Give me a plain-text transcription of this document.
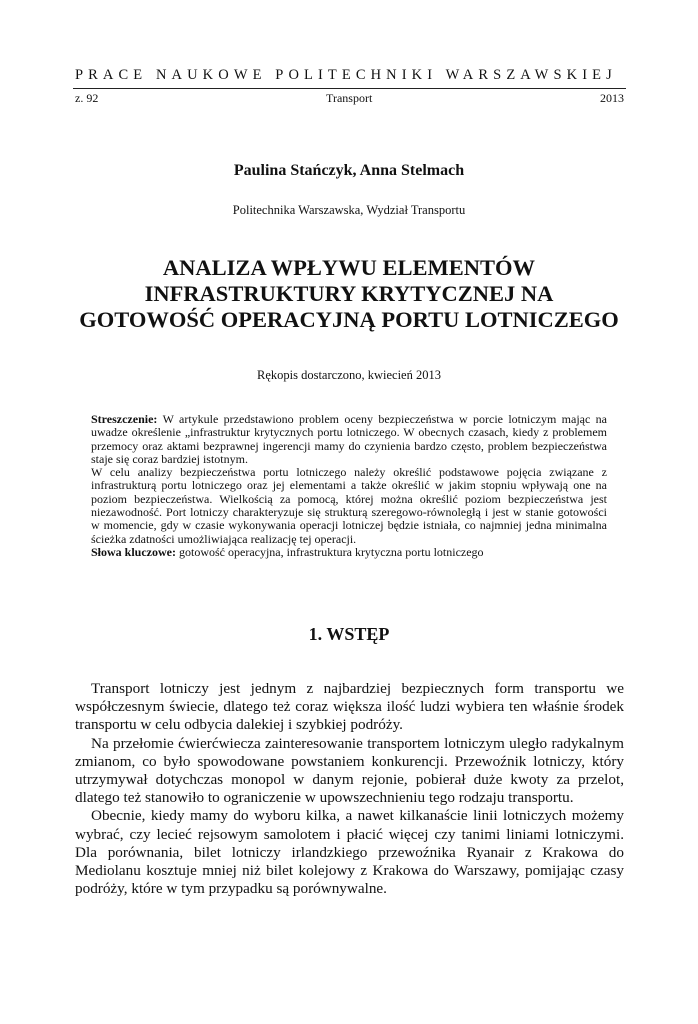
PRACE NAUKOWE POLITECHNIKI WARSZAWSKIEJ
z. 92	Transport	2013
Paulina Stańczyk, Anna Stelmach
Politechnika Warszawska, Wydział Transportu
ANALIZA WPŁYWU ELEMENTÓW
INFRASTRUKTURY KRYTYCZNEJ NA
GOTOWOŚĆ OPERACYJNĄ PORTU LOTNICZEGO
Rękopis dostarczono, kwiecień 2013

Streszczenie: W artykule przedstawiono problem oceny bezpieczeństwa w porcie lotniczym mając na uwadze określenie „infrastruktur krytycznych portu lotniczego. W obecnych czasach, kiedy z problemem przemocy oraz aktami bezprawnej ingerencji mamy do czynienia bardzo często, problem bezpieczeństwa staje się coraz bardziej istotnym.

W celu analizy bezpieczeństwa portu lotniczego należy określić podstawowe pojęcia związane z infrastrukturą portu lotniczego oraz jej elementami a także określić w jakim stopniu wpływają one na poziom bezpieczeństwa. Wielkością za pomocą, której można określić poziom bezpieczeństwa jest niezawodność. Port lotniczy charakteryzuje się strukturą szeregowo-równoległą i jest w stanie gotowości w momencie, gdy w czasie wykonywania operacji lotniczej będzie istniała, co najmniej jedna minimalna ścieżka zdatności umożliwiająca realizację tej operacji.

Słowa kluczowe: gotowość operacyjna, infrastruktura krytyczna portu lotniczego

1. WSTĘP

Transport lotniczy jest jednym z najbardziej bezpiecznych form transportu we współczesnym świecie, dlatego też coraz większa ilość ludzi wybiera ten właśnie środek transportu w celu odbycia dalekiej i szybkiej podróży.

Na przełomie ćwierćwiecza zainteresowanie transportem lotniczym uległo radykalnym zmianom, co było spowodowane powstaniem konkurencji. Przewoźnik lotniczy, który utrzymywał dotychczas monopol w danym rejonie, pobierał duże kwoty za przelot, dlatego też stanowiło to ograniczenie w upowszechnieniu tego rodzaju transportu.

Obecnie, kiedy mamy do wyboru kilka, a nawet kilkanaście linii lotniczych możemy wybrać, czy lecieć rejsowym samolotem i płacić więcej czy tanimi liniami lotniczymi. Dla porównania, bilet lotniczy irlandzkiego przewoźnika Ryanair z Krakowa do Mediolanu kosztuje mniej niż bilet kolejowy z Krakowa do Warszawy, pomijając czasy podróży, które w tym przypadku są porównywalne.
